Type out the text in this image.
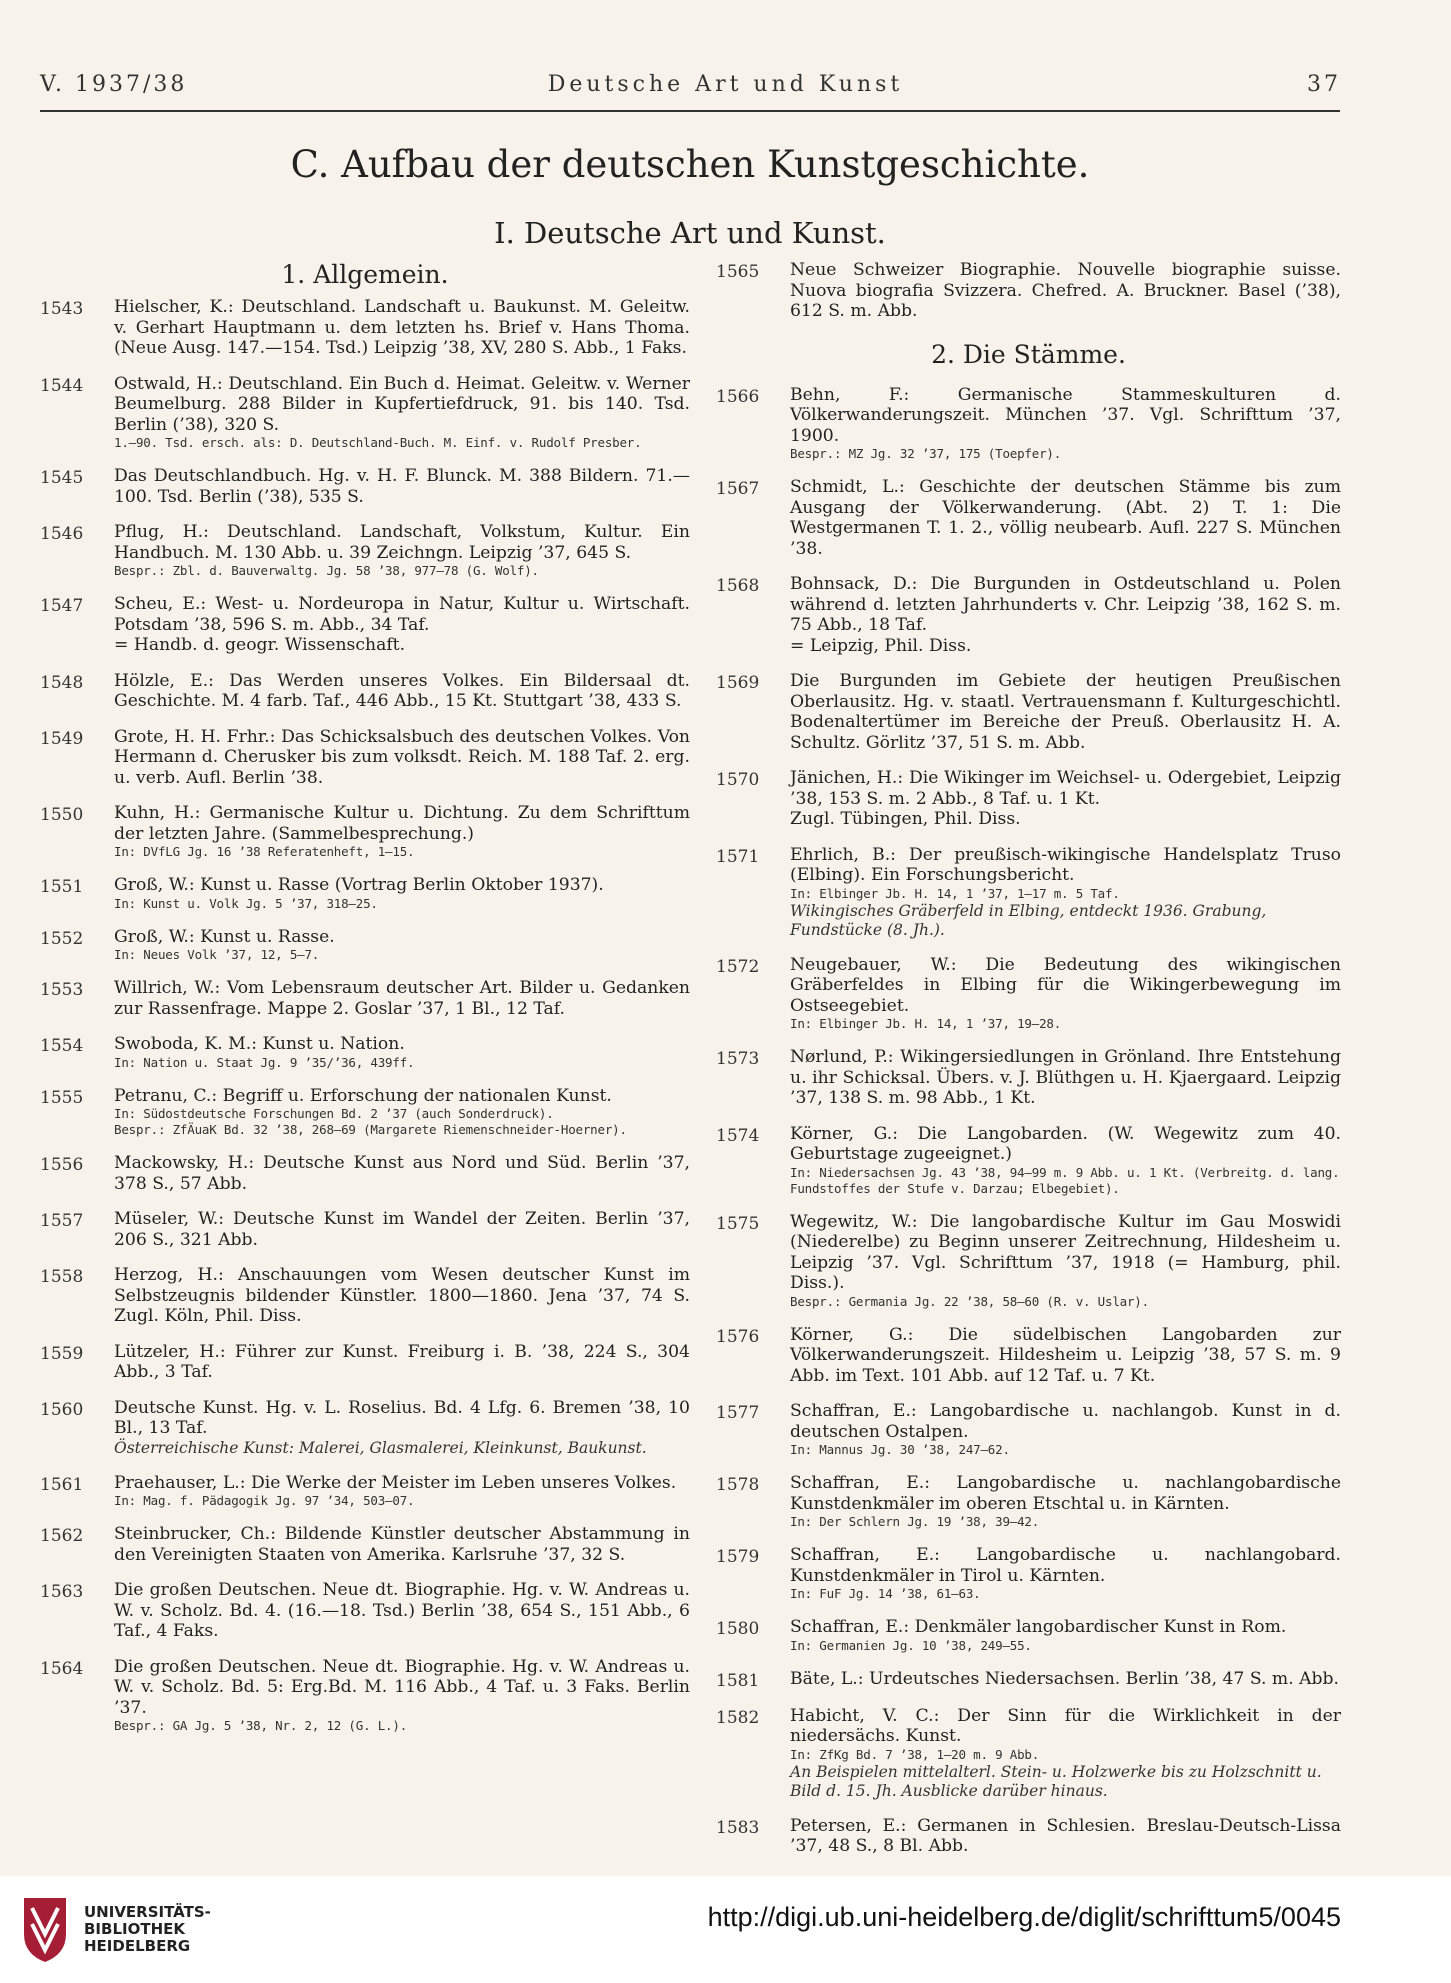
V. 1937/38	Deutsche Art und Kunst	37
C. Aufbau der deutschen Kunstgeschichte.
I. Deutsche Art und Kunst.
1. Allgemein.
1543	Hielscher, K.: Deutschland. Landschaft u. Baukunst. M. Geleitw. v. Gerhart Hauptmann u. dem letzten hs. Brief v. Hans Thoma. (Neue Ausg. 147.—154. Tsd.) Leipzig ’38, XV, 280 S. Abb., 1 Faks.
1544	Ostwald, H.: Deutschland. Ein Buch d. Heimat. Geleitw. v. Werner Beumelburg. 288 Bilder in Kupfertiefdruck, 91. bis 140. Tsd. Berlin (’38), 320 S.
1.—90. Tsd. ersch. als: D. Deutschland-Buch. M. Einf. v. Rudolf Presber.
1545	Das Deutschlandbuch. Hg. v. H. F. Blunck. M. 388 Bildern. 71.—100. Tsd. Berlin (’38), 535 S.
1546	Pflug, H.: Deutschland. Landschaft, Volkstum, Kultur. Ein Handbuch. M. 130 Abb. u. 39 Zeichngn. Leipzig ’37, 645 S.
Bespr.: Zbl. d. Bauverwaltg. Jg. 58 ’38, 977—78 (G. Wolf).
1547	Scheu, E.: West- u. Nordeuropa in Natur, Kultur u. Wirtschaft. Potsdam ’38, 596 S. m. Abb., 34 Taf.
= Handb. d. geogr. Wissenschaft.
1548	Hölzle, E.: Das Werden unseres Volkes. Ein Bildersaal dt. Geschichte. M. 4 farb. Taf., 446 Abb., 15 Kt. Stuttgart ’38, 433 S.
1549	Grote, H. H. Frhr.: Das Schicksalsbuch des deutschen Volkes. Von Hermann d. Cherusker bis zum volksdt. Reich. M. 188 Taf. 2. erg. u. verb. Aufl. Berlin ’38.
1550	Kuhn, H.: Germanische Kultur u. Dichtung. Zu dem Schrifttum der letzten Jahre. (Sammelbesprechung.)
In: DVfLG Jg. 16 ’38 Referatenheft, 1—15.
1551	Groß, W.: Kunst u. Rasse (Vortrag Berlin Oktober 1937).
In: Kunst u. Volk Jg. 5 ’37, 318—25.
1552	Groß, W.: Kunst u. Rasse.
In: Neues Volk ’37, 12, 5—7.
1553	Willrich, W.: Vom Lebensraum deutscher Art. Bilder u. Gedanken zur Rassenfrage. Mappe 2. Goslar ’37, 1 Bl., 12 Taf.
1554	Swoboda, K. M.: Kunst u. Nation.
In: Nation u. Staat Jg. 9 ’35/’36, 439ff.
1555	Petranu, C.: Begriff u. Erforschung der nationalen Kunst.
In: Südostdeutsche Forschungen Bd. 2 ’37 (auch Sonderdruck).
Bespr.: ZfÄuaK Bd. 32 ’38, 268—69 (Margarete Riemenschneider-Hoerner).
1556	Mackowsky, H.: Deutsche Kunst aus Nord und Süd. Berlin ’37, 378 S., 57 Abb.
1557	Müseler, W.: Deutsche Kunst im Wandel der Zeiten. Berlin ’37, 206 S., 321 Abb.
1558	Herzog, H.: Anschauungen vom Wesen deutscher Kunst im Selbstzeugnis bildender Künstler. 1800—1860. Jena ’37, 74 S. Zugl. Köln, Phil. Diss.
1559	Lützeler, H.: Führer zur Kunst. Freiburg i. B. ’38, 224 S., 304 Abb., 3 Taf.
1560	Deutsche Kunst. Hg. v. L. Roselius. Bd. 4 Lfg. 6. Bremen ’38, 10 Bl., 13 Taf.
Österreichische Kunst: Malerei, Glasmalerei, Kleinkunst, Baukunst.
1561	Praehauser, L.: Die Werke der Meister im Leben unseres Volkes.
In: Mag. f. Pädagogik Jg. 97 ’34, 503—07.
1562	Steinbrucker, Ch.: Bildende Künstler deutscher Abstammung in den Vereinigten Staaten von Amerika. Karlsruhe ’37, 32 S.
1563	Die großen Deutschen. Neue dt. Biographie. Hg. v. W. Andreas u. W. v. Scholz. Bd. 4. (16.—18. Tsd.) Berlin ’38, 654 S., 151 Abb., 6 Taf., 4 Faks.
1564	Die großen Deutschen. Neue dt. Biographie. Hg. v. W. Andreas u. W. v. Scholz. Bd. 5: Erg.Bd. M. 116 Abb., 4 Taf. u. 3 Faks. Berlin ’37.
Bespr.: GA Jg. 5 ’38, Nr. 2, 12 (G. L.).
1565	Neue Schweizer Biographie. Nouvelle biographie suisse. Nuova biografia Svizzera. Chefred. A. Bruckner. Basel (’38), 612 S. m. Abb.
2. Die Stämme.
1566	Behn, F.: Germanische Stammeskulturen d. Völkerwanderungszeit. München ’37. Vgl. Schrifttum ’37, 1900.
Bespr.: MZ Jg. 32 ’37, 175 (Toepfer).
1567	Schmidt, L.: Geschichte der deutschen Stämme bis zum Ausgang der Völkerwanderung. (Abt. 2) T. 1: Die Westgermanen T. 1. 2., völlig neubearb. Aufl. 227 S. München ’38.
1568	Bohnsack, D.: Die Burgunden in Ostdeutschland u. Polen während d. letzten Jahrhunderts v. Chr. Leipzig ’38, 162 S. m. 75 Abb., 18 Taf.
= Leipzig, Phil. Diss.
1569	Die Burgunden im Gebiete der heutigen Preußischen Oberlausitz. Hg. v. staatl. Vertrauensmann f. Kulturgeschichtl. Bodenaltertümer im Bereiche der Preuß. Oberlausitz H. A. Schultz. Görlitz ’37, 51 S. m. Abb.
1570	Jänichen, H.: Die Wikinger im Weichsel- u. Odergebiet, Leipzig ’38, 153 S. m. 2 Abb., 8 Taf. u. 1 Kt.
Zugl. Tübingen, Phil. Diss.
1571	Ehrlich, B.: Der preußisch-wikingische Handelsplatz Truso (Elbing). Ein Forschungsbericht.
In: Elbinger Jb. H. 14, 1 ’37, 1—17 m. 5 Taf.
Wikingisches Gräberfeld in Elbing, entdeckt 1936. Grabung, Fundstücke (8. Jh.).
1572	Neugebauer, W.: Die Bedeutung des wikingischen Gräberfeldes in Elbing für die Wikingerbewegung im Ostseegebiet.
In: Elbinger Jb. H. 14, 1 ’37, 19—28.
1573	Nørlund, P.: Wikingersiedlungen in Grönland. Ihre Entstehung u. ihr Schicksal. Übers. v. J. Blüthgen u. H. Kjaergaard. Leipzig ’37, 138 S. m. 98 Abb., 1 Kt.
1574	Körner, G.: Die Langobarden. (W. Wegewitz zum 40. Geburtstage zugeeignet.)
In: Niedersachsen Jg. 43 ’38, 94—99 m. 9 Abb. u. 1 Kt. (Verbreitg. d. lang. Fundstoffes der Stufe v. Darzau; Elbegebiet).
1575	Wegewitz, W.: Die langobardische Kultur im Gau Moswidi (Niederelbe) zu Beginn unserer Zeitrechnung, Hildesheim u. Leipzig ’37. Vgl. Schrifttum ’37, 1918 (= Hamburg, phil. Diss.).
Bespr.: Germania Jg. 22 ’38, 58—60 (R. v. Uslar).
1576	Körner, G.: Die südelbischen Langobarden zur Völkerwanderungszeit. Hildesheim u. Leipzig ’38, 57 S. m. 9 Abb. im Text. 101 Abb. auf 12 Taf. u. 7 Kt.
1577	Schaffran, E.: Langobardische u. nachlangob. Kunst in d. deutschen Ostalpen.
In: Mannus Jg. 30 ’38, 247—62.
1578	Schaffran, E.: Langobardische u. nachlangobardische Kunstdenkmäler im oberen Etschtal u. in Kärnten.
In: Der Schlern Jg. 19 ’38, 39—42.
1579	Schaffran, E.: Langobardische u. nachlangobard. Kunstdenkmäler in Tirol u. Kärnten.
In: FuF Jg. 14 ’38, 61—63.
1580	Schaffran, E.: Denkmäler langobardischer Kunst in Rom.
In: Germanien Jg. 10 ’38, 249—55.
1581	Bäte, L.: Urdeutsches Niedersachsen. Berlin ’38, 47 S. m. Abb.
1582	Habicht, V. C.: Der Sinn für die Wirklichkeit in der niedersächs. Kunst.
In: ZfKg Bd. 7 ’38, 1—20 m. 9 Abb.
An Beispielen mittelalterl. Stein- u. Holzwerke bis zu Holzschnitt u. Bild d. 15. Jh. Ausblicke darüber hinaus.
1583	Petersen, E.: Germanen in Schlesien. Breslau-Deutsch-Lissa ’37, 48 S., 8 Bl. Abb.
UNIVERSITÄTS-
BIBLIOTHEK
HEIDELBERG
http://digi.ub.uni-heidelberg.de/diglit/schrifttum5/0045
